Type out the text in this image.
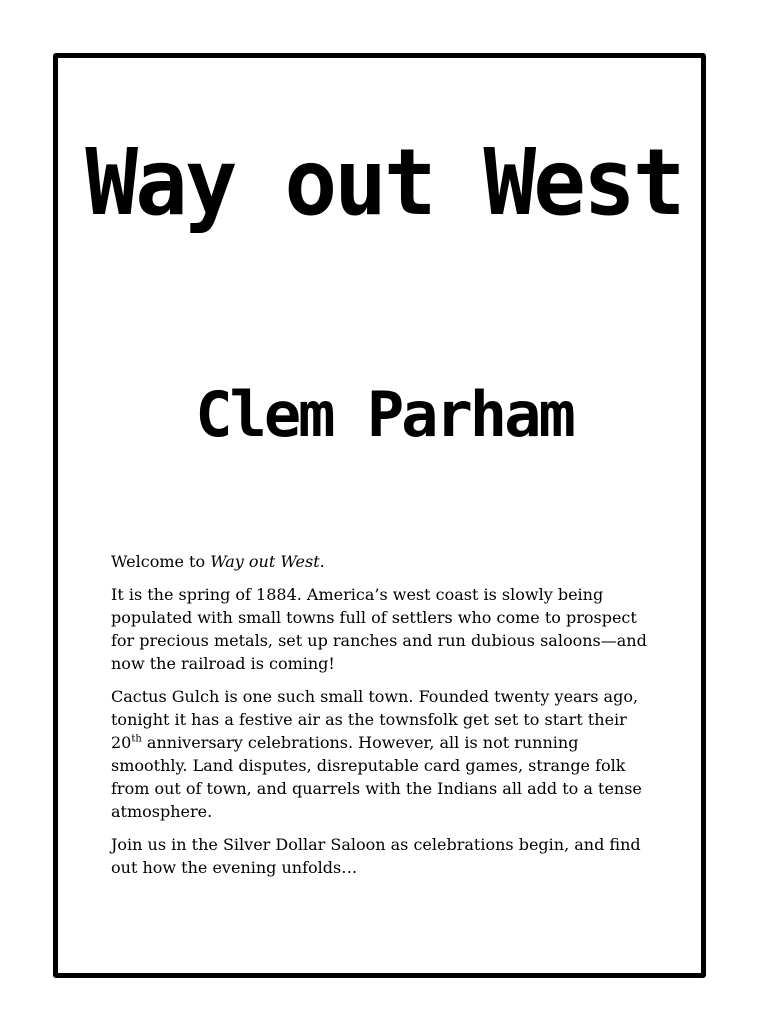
Way out West
Clem Parham

Welcome to Way out West.

It is the spring of 1884. America’s west coast is slowly being populated with small towns full of settlers who come to prospect for precious metals, set up ranches and run dubious saloons—and now the railroad is coming!

Cactus Gulch is one such small town. Founded twenty years ago, tonight it has a festive air as the townsfolk get set to start their 20th anniversary celebrations. However, all is not running smoothly. Land disputes, disreputable card games, strange folk from out of town, and quarrels with the Indians all add to a tense atmosphere.

Join us in the Silver Dollar Saloon as celebrations begin, and find out how the evening unfolds…
